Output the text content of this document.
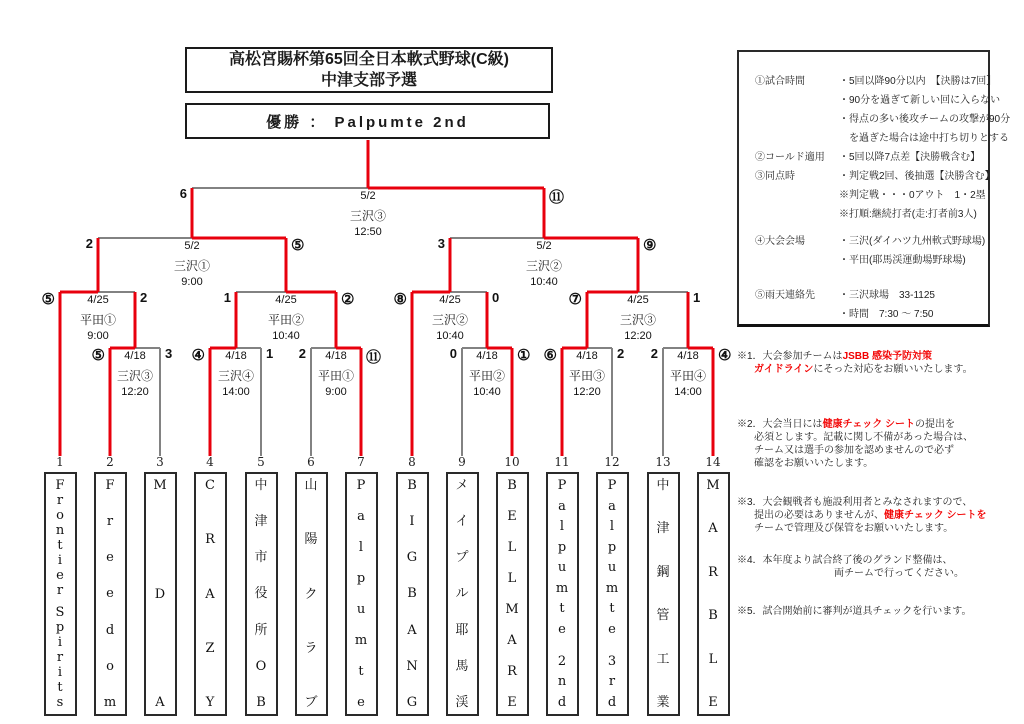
高松宮賜杯第65回全日本軟式野球(C級)
中津支部予選
優勝 ： Palpumte 2nd
①試合時間	・5回以降90分以内　【決勝は7回】
・90分を過ぎて新しい回に入らない
・得点の多い後攻チームの攻撃が90分
　を過ぎた場合は途中打ち切りとする
②コールド適用	・5回以降7点差【決勝戦含む】
③同点時	・判定戦2回、後抽選【決勝含む】
※判定戦・・・0アウト　1・2塁
※打順:継続打者(走:打者前3人)
④大会会場	・三沢(ダイハツ九州軟式野球場)
・平田(耶馬渓運動場野球場)
⑤雨天連絡先	・三沢球場　33-1125
・時間　7:30 ～ 7:50
※1．大会参加チームはJSBB 感染予防対策
ガイドラインにそった対応をお願いいたします。
※2．大会当日には健康チェック シートの提出を
必須とします。記載に関し不備があった場合は、
チーム又は選手の参加を認めませんので必ず
確認をお願いいたします。
※3．大会観戦者も施設利用者とみなされますので、
提出の必要はありませんが、健康チェック シートを
チームで管理及び保管をお願いいたします。
※4．本年度より試合終了後のグランド整備は、
　　　　　　　　両チームで行ってください。
※5．試合開始前に審判が道具チェックを行います。
5/2
三沢③
12:50
6	⑪
5/2
三沢①
9:00
2	⑤	5/2
三沢②
10:40
3	⑨
4/25
平田①
9:00
⑤	2	4/25
平田②
10:40
1	②	4/25
三沢②
10:40
⑧	0	4/25
三沢③
12:20
⑦	1
4/18
三沢③
12:20
⑤	3	4/18
三沢④
14:00
④	1	4/18
平田①
9:00
2	⑪	4/18
平田②
10:40
0	①	4/18
平田③
12:20
⑥	2	4/18
平田④
14:00
2	④
1
F
r
o
n
t
i
e
r
S
p
i
r
i
t
s
2
F
r
e
e
d
o
m
3
M
D
A
4
C
R
A
Z
Y
5
中
津
市
役
所
O
B
6
山
陽
ク
ラ
ブ
7
P
a
l
p
u
m
t
e
8
B
I
G
B
A
N
G
9
メ
イ
プ
ル
耶
馬
渓
10
B
E
L
L
M
A
R
E
11
P
a
l
p
u
m
t
e
2
n
d
12
P
a
l
p
u
m
t
e
3
r
d
13
中
津
鋼
管
工
業
14
M
A
R
B
L
E
